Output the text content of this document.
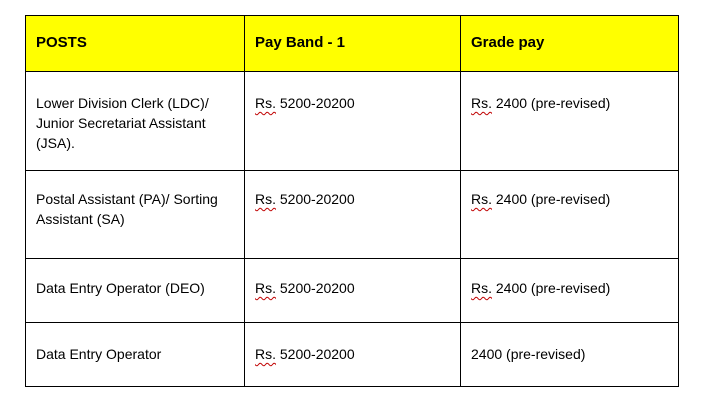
POSTS	Pay Band - 1	Grade pay

Lower Division Clerk (LDC)/ Junior Secretariat Assistant (JSA).	Rs. 5200-20200	Rs. 2400 (pre-revised)

Postal Assistant (PA)/ Sorting Assistant (SA)	Rs. 5200-20200	Rs. 2400 (pre-revised)

Data Entry Operator (DEO)	Rs. 5200-20200	Rs. 2400 (pre-revised)

Data Entry Operator	Rs. 5200-20200	2400 (pre-revised)
